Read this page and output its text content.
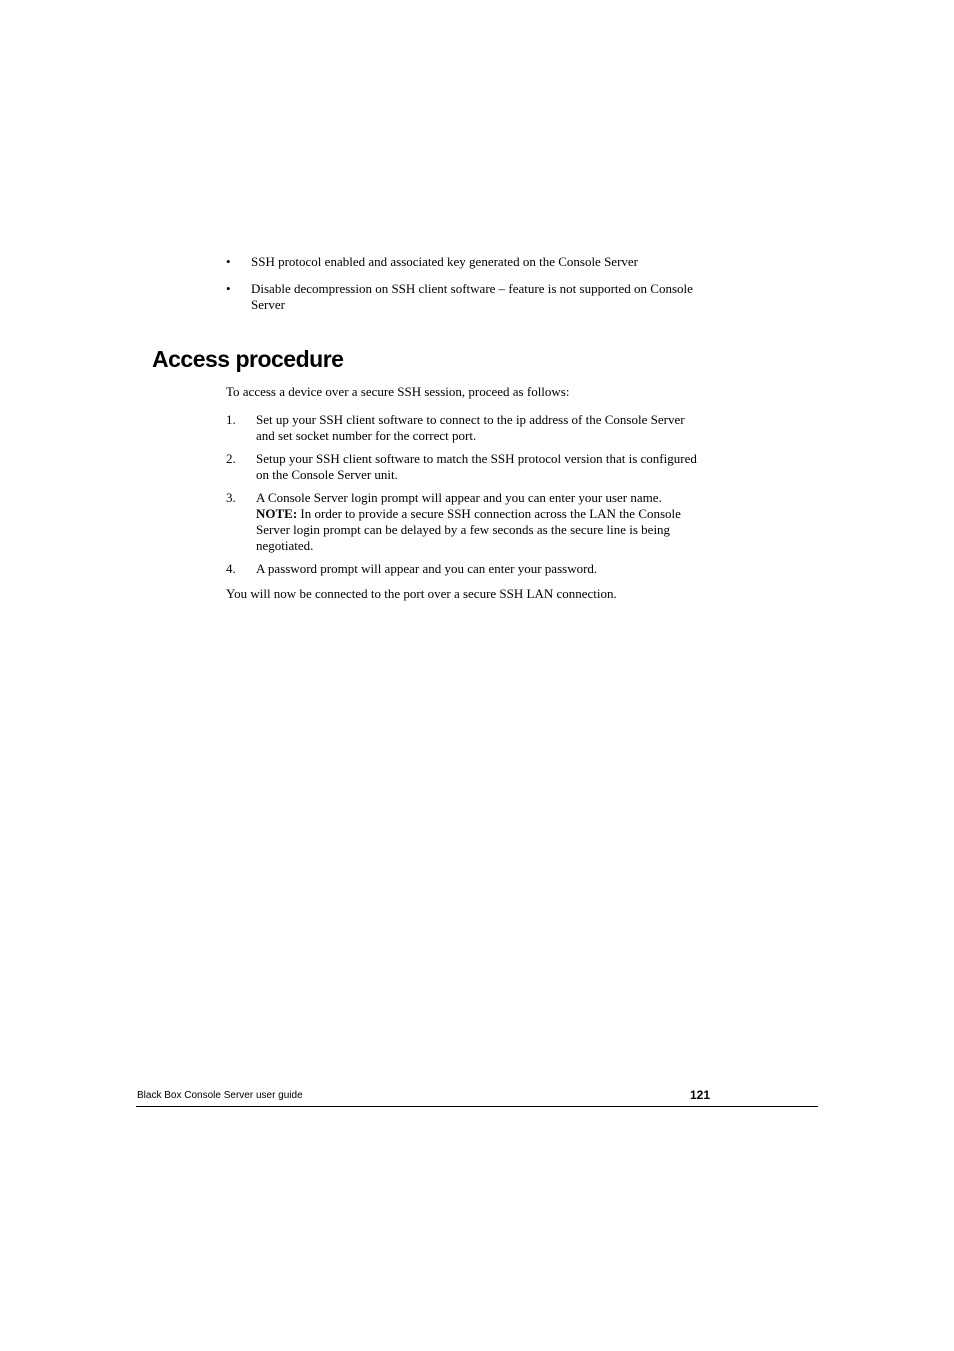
• SSH protocol enabled and associated key generated on the Console Server
• Disable decompression on SSH client software – feature is not supported on Console Server
Access procedure

To access a device over a secure SSH session, proceed as follows:

1. Set up your SSH client software to connect to the ip address of the Console Server and set socket number for the correct port.
2. Setup your SSH client software to match the SSH protocol version that is configured on the Console Server unit.
3. A Console Server login prompt will appear and you can enter your user name.
NOTE: In order to provide a secure SSH connection across the LAN the Console Server login prompt can be delayed by a few seconds as the secure line is being negotiated.
4. A password prompt will appear and you can enter your password.

You will now be connected to the port over a secure SSH LAN connection.

Black Box Console Server user guide	121
